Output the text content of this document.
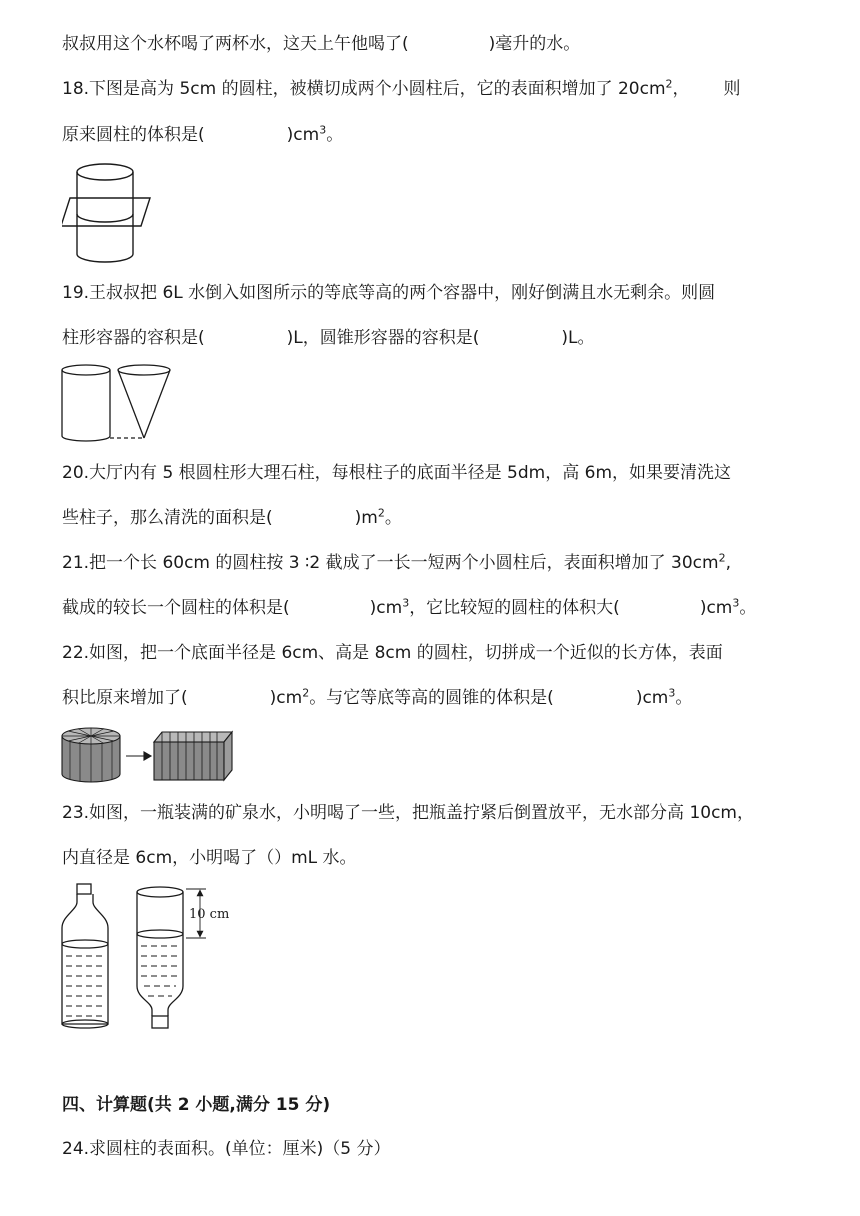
叔叔用这个水杯喝了两杯水，这天上午他喝了(	)毫升的水。
18.下图是高为 5cm 的圆柱，被横切成两个小圆柱后，它的表面积增加了 $20cm^2$， 则
原来圆柱的体积是(	)$cm^3$。
19.王叔叔把 6L 水倒入如图所示的等底等高的两个容器中，刚好倒满且水无剩余。则圆
柱形容器的容积是(	)L，圆锥形容器的容积是(	)L。
20.大厅内有 5 根圆柱形大理石柱，每根柱子的底面半径是 5dm，高 6m，如果要清洗这
些柱子，那么清洗的面积是(	)$m^2$。
21.把一个长 60cm 的圆柱按 3 ∶2 截成了一长一短两个小圆柱后，表面积增加了 $30cm^2$,
截成的较长一个圆柱的体积是(	)$cm^3$，它比较短的圆柱的体积大(	)$cm^3$。
22.如图，把一个底面半径是 6cm、高是 8cm 的圆柱，切拼成一个近似的长方体，表面
积比原来增加了(	)$cm^2$。与它等底等高的圆锥的体积是(	)$cm^3$。
23.如图，一瓶装满的矿泉水，小明喝了一些，把瓶盖拧紧后倒置放平，无水部分高 10cm，
内直径是 6cm，小明喝了（）mL 水。
10 cm
四、计算题(共 2 小题,满分 15 分)
24.求圆柱的表面积。(单位：厘米)（5 分）
